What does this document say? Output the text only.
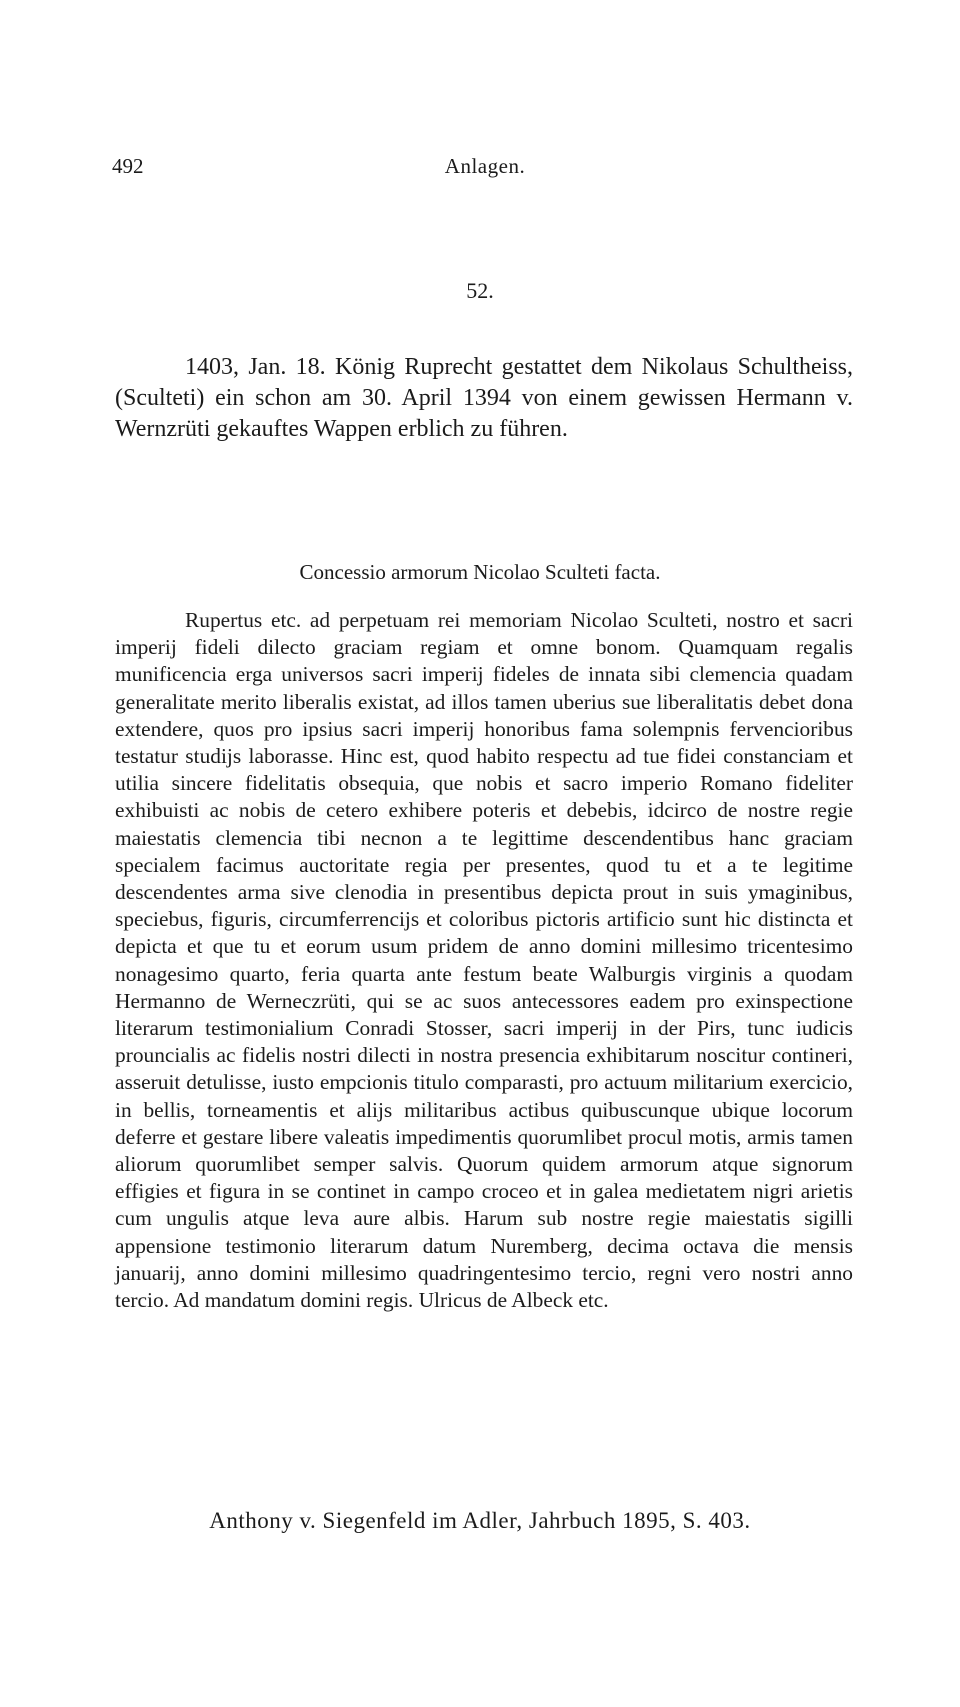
492	Anlagen.
52.

1403, Jan. 18. König Ruprecht gestattet dem Nikolaus Schultheiss, (Sculteti) ein schon am 30. April 1394 von einem gewissen Hermann v. Wernzrüti gekauftes Wappen erblich zu führen.

Concessio armorum Nicolao Sculteti facta.

Rupertus etc. ad perpetuam rei memoriam Nicolao Sculteti, nostro et sacri imperij fideli dilecto graciam regiam et omne bonom. Quamquam regalis munificencia erga universos sacri imperij fideles de innata sibi clemencia quadam generalitate merito liberalis existat, ad illos tamen uberius sue liberalitatis debet dona extendere, quos pro ipsius sacri imperij honoribus fama solempnis fervencioribus testatur studijs laborasse. Hinc est, quod habito respectu ad tue fidei constanciam et utilia sincere fidelitatis obsequia, que nobis et sacro imperio Romano fideliter exhibuisti ac nobis de cetero exhibere poteris et debebis, idcirco de nostre regie maiestatis clemencia tibi necnon a te legittime descendentibus hanc graciam specialem facimus auctoritate regia per presentes, quod tu et a te legitime descendentes arma sive clenodia in presentibus depicta prout in suis ymaginibus, speciebus, figuris, circumferrencijs et coloribus pictoris artificio sunt hic distincta et depicta et que tu et eorum usum pridem de anno domini millesimo tricentesimo nonagesimo quarto, feria quarta ante festum beate Walburgis virginis a quodam Hermanno de Werneczrüti, qui se ac suos antecessores eadem pro exinspectione literarum testimonialium Conradi Stosser, sacri imperij in der Pirs, tunc iudicis prouncialis ac fidelis nostri dilecti in nostra presencia exhibitarum noscitur contineri, asseruit detulisse, iusto empcionis titulo comparasti, pro actuum militarium exercicio, in bellis, torneamentis et alijs militaribus actibus quibuscunque ubique locorum deferre et gestare libere valeatis impedimentis quorumlibet procul motis, armis tamen aliorum quorumlibet semper salvis. Quorum quidem armorum atque signorum effigies et figura in se continet in campo croceo et in galea medietatem nigri arietis cum ungulis atque leva aure albis. Harum sub nostre regie maiestatis sigilli appensione testimonio literarum datum Nuremberg, decima octava die mensis januarij, anno domini millesimo quadringentesimo tercio, regni vero nostri anno tercio. Ad mandatum domini regis. Ulricus de Albeck etc.

Anthony v. Siegenfeld im Adler, Jahrbuch 1895, S. 403.
